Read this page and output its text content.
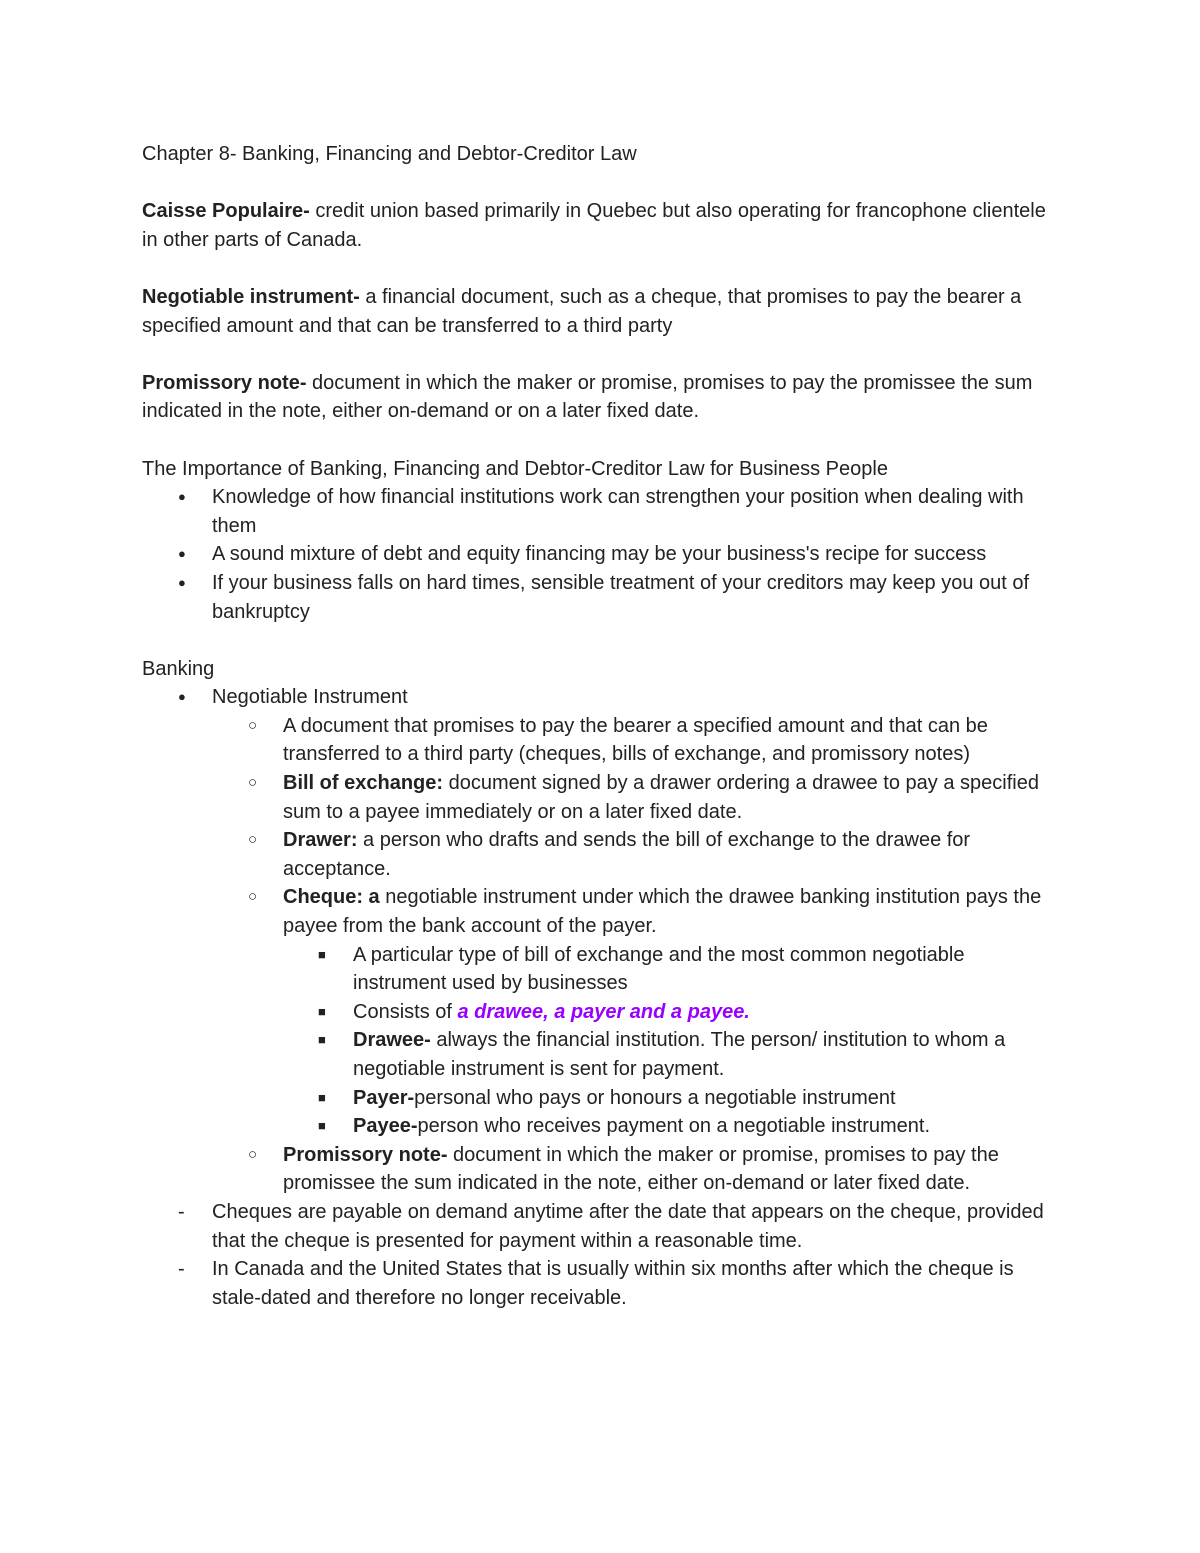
Chapter 8- Banking, Financing and Debtor-Creditor Law

Caisse Populaire- credit union based primarily in Quebec but also operating for francophone clientele in other parts of Canada.

Negotiable instrument- a financial document, such as a cheque, that promises to pay the bearer a specified amount and that can be transferred to a third party

Promissory note- document in which the maker or promise, promises to pay the promissee the sum indicated in the note, either on-demand or on a later fixed date.

The Importance of Banking, Financing and Debtor-Creditor Law for Business People

●	Knowledge of how financial institutions work can strengthen your position when dealing with them
●	A sound mixture of debt and equity financing may be your business's recipe for success
●	If your business falls on hard times, sensible treatment of your creditors may keep you out of bankruptcy

Banking

●	Negotiable Instrument
○	A document that promises to pay the bearer a specified amount and that can be transferred to a third party (cheques, bills of exchange, and promissory notes)
○	Bill of exchange: document signed by a drawer ordering a drawee to pay a specified sum to a payee immediately or on a later fixed date.
○	Drawer: a person who drafts and sends the bill of exchange to the drawee for acceptance.
○	Cheque: a negotiable instrument under which the drawee banking institution pays the payee from the bank account of the payer.
■	A particular type of bill of exchange and the most common negotiable instrument used by businesses
■	Consists of a drawee, a payer and a payee.
■	Drawee- always the financial institution. The person/ institution to whom a negotiable instrument is sent for payment.
■	Payer-personal who pays or honours a negotiable instrument
■	Payee-person who receives payment on a negotiable instrument.
○	Promissory note- document in which the maker or promise, promises to pay the promissee the sum indicated in the note, either on-demand or later fixed date.
-	Cheques are payable on demand anytime after the date that appears on the cheque, provided that the cheque is presented for payment within a reasonable time.
-	In Canada and the United States that is usually within six months after which the cheque is stale-dated and therefore no longer receivable.
